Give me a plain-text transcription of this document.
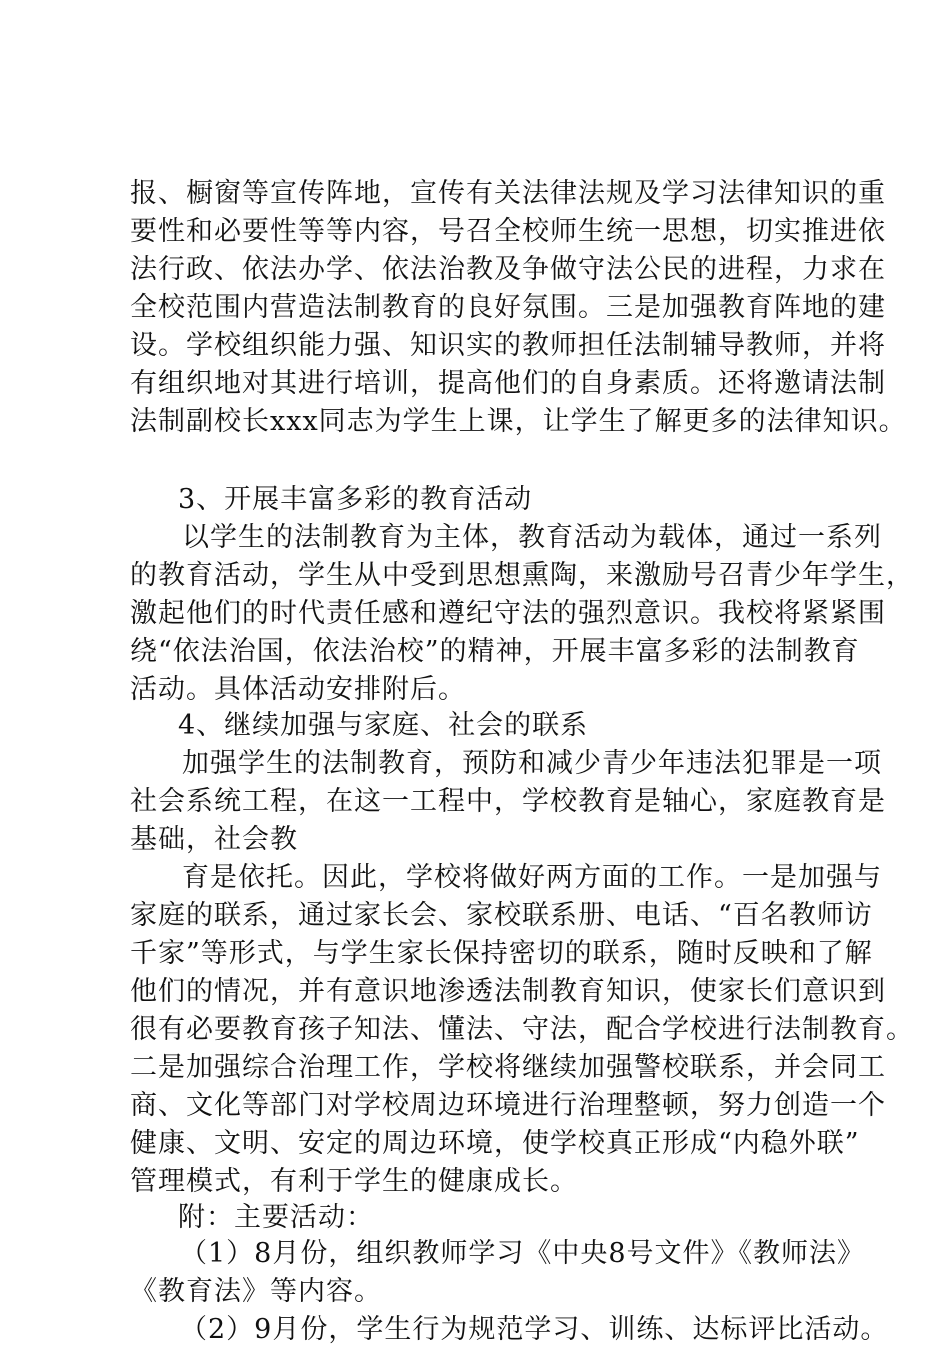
报、橱窗等宣传阵地，宣传有关法律法规及学习法律知识的重
要性和必要性等等内容，号召全校师生统一思想，切实推进依
法行政、依法办学、依法治教及争做守法公民的进程，力求在
全校范围内营造法制教育的良好氛围。三是加强教育阵地的建
设。学校组织能力强、知识实的教师担任法制辅导教师，并将
有组织地对其进行培训，提高他们的自身素质。还将邀请法制
法制副校长xxx同志为学生上课，让学生了解更多的法律知识。
3、开展丰富多彩的教育活动
以学生的法制教育为主体，教育活动为载体，通过一系列
的教育活动，学生从中受到思想熏陶，来激励号召青少年学生，
激起他们的时代责任感和遵纪守法的强烈意识。我校将紧紧围
绕“依法治国，依法治校”的精神，开展丰富多彩的法制教育
活动。具体活动安排附后。
4、继续加强与家庭、社会的联系
加强学生的法制教育，预防和减少青少年违法犯罪是一项
社会系统工程，在这一工程中，学校教育是轴心，家庭教育是
基础，社会教
育是依托。因此，学校将做好两方面的工作。一是加强与
家庭的联系，通过家长会、家校联系册、电话、“百名教师访
千家”等形式，与学生家长保持密切的联系，随时反映和了解
他们的情况，并有意识地渗透法制教育知识，使家长们意识到
很有必要教育孩子知法、懂法、守法，配合学校进行法制教育。
二是加强综合治理工作，学校将继续加强警校联系，并会同工
商、文化等部门对学校周边环境进行治理整顿，努力创造一个
健康、文明、安定的周边环境，使学校真正形成“内稳外联”
管理模式，有利于学生的健康成长。
附：主要活动：
（1）8月份，组织教师学习《中央8号文件》《教师法》
《教育法》等内容。
（2）9月份，学生行为规范学习、训练、达标评比活动。
